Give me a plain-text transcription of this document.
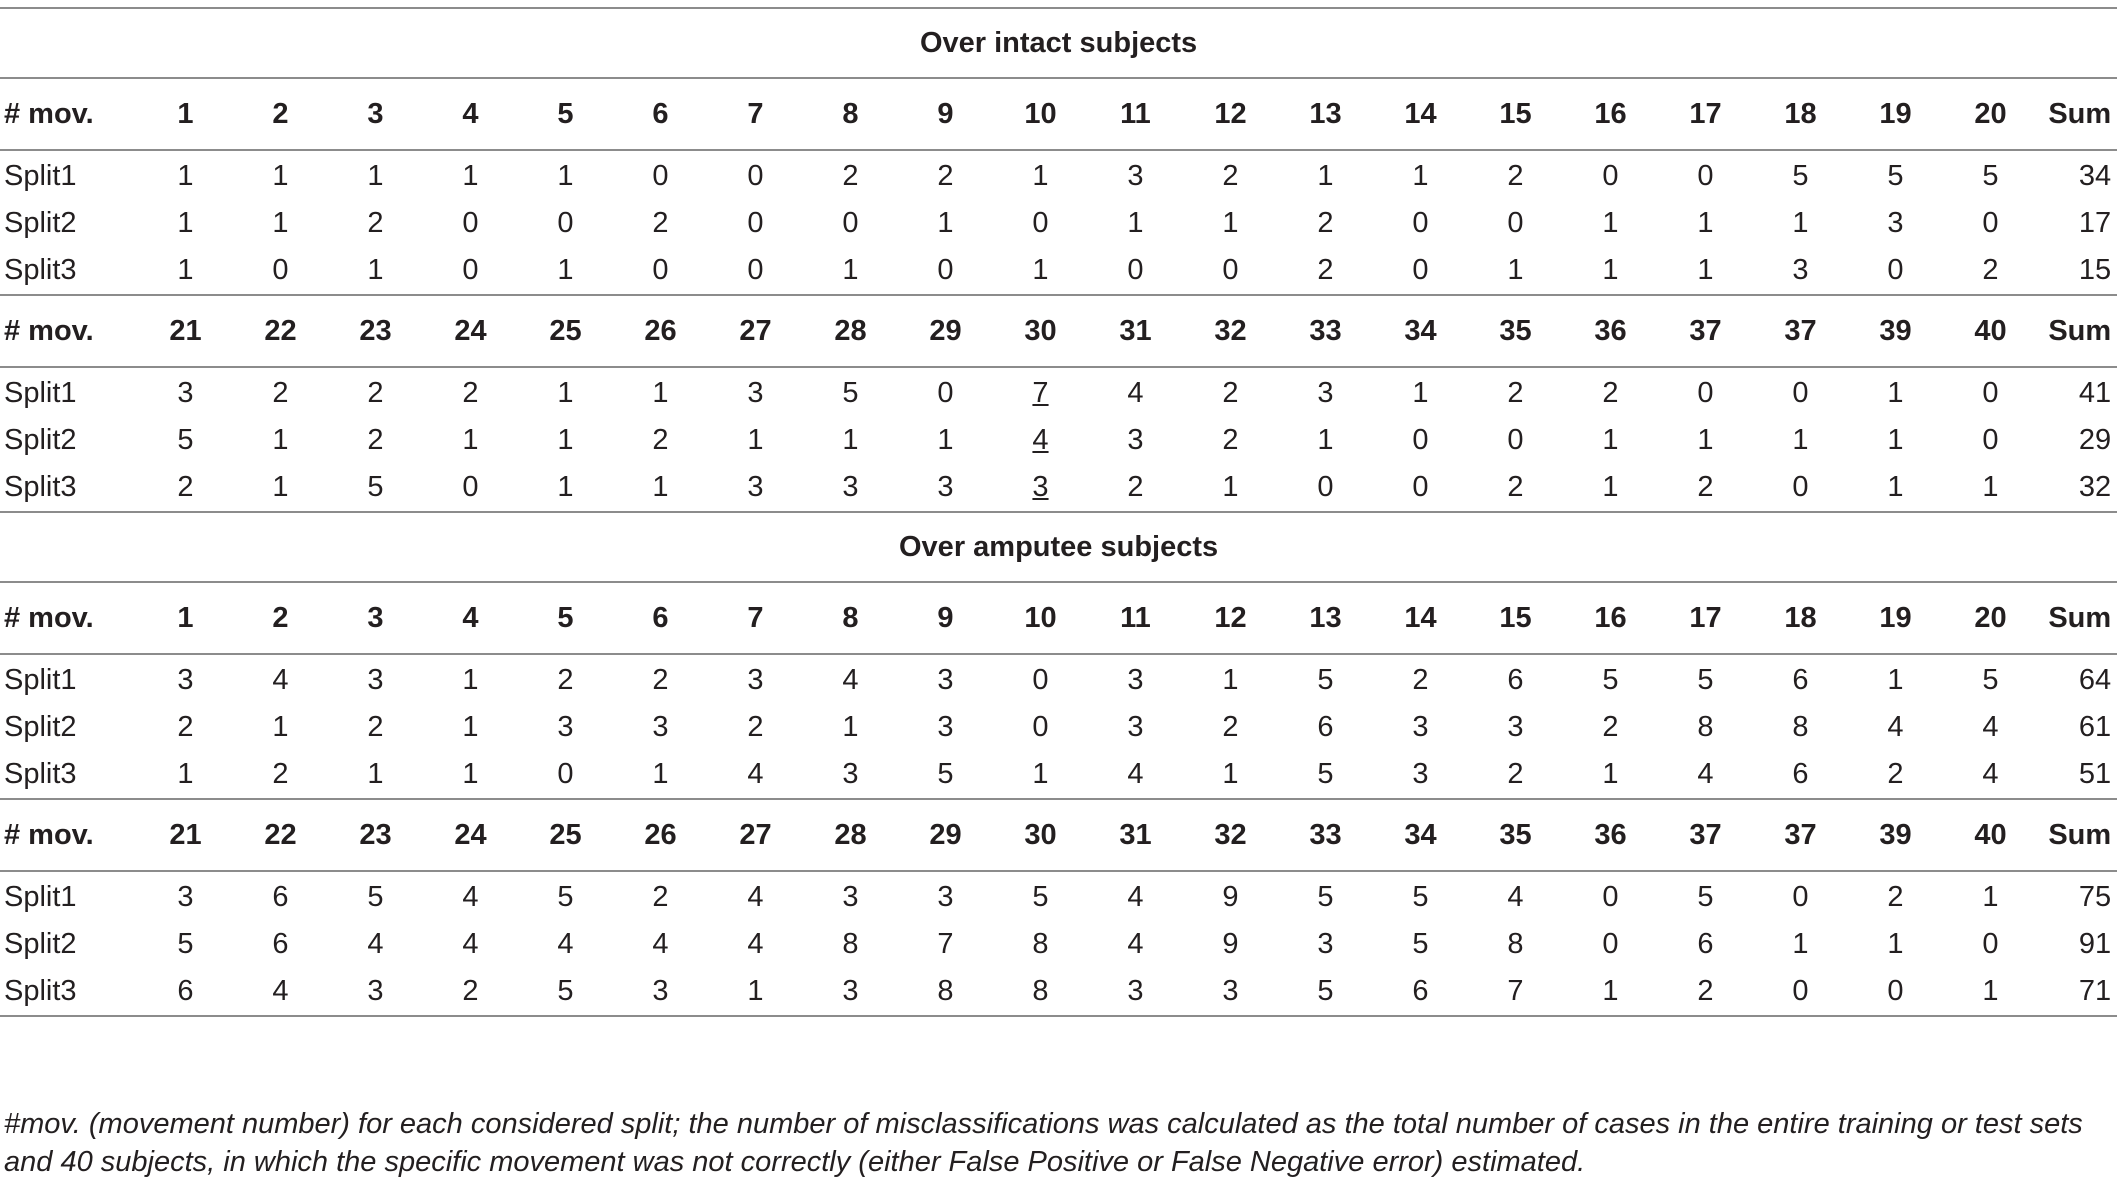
Over intact subjects																					
# mov.	1	2	3	4	5	6	7	8	9	10	11	12	13	14	15	16	17	18	19	20	Sum
Split1	1	1	1	1	1	0	0	2	2	1	3	2	1	1	2	0	0	5	5	5	34
Split2	1	1	2	0	0	2	0	0	1	0	1	1	2	0	0	1	1	1	3	0	17
Split3	1	0	1	0	1	0	0	1	0	1	0	0	2	0	1	1	1	3	0	2	15
# mov.	21	22	23	24	25	26	27	28	29	30	31	32	33	34	35	36	37	37	39	40	Sum
Split1	3	2	2	2	1	1	3	5	0	7	4	2	3	1	2	2	0	0	1	0	41
Split2	5	1	2	1	1	2	1	1	1	4	3	2	1	0	0	1	1	1	1	0	29
Split3	2	1	5	0	1	1	3	3	3	3	2	1	0	0	2	1	2	0	1	1	32
Over amputee subjects																					
# mov.	1	2	3	4	5	6	7	8	9	10	11	12	13	14	15	16	17	18	19	20	Sum
Split1	3	4	3	1	2	2	3	4	3	0	3	1	5	2	6	5	5	6	1	5	64
Split2	2	1	2	1	3	3	2	1	3	0	3	2	6	3	3	2	8	8	4	4	61
Split3	1	2	1	1	0	1	4	3	5	1	4	1	5	3	2	1	4	6	2	4	51
# mov.	21	22	23	24	25	26	27	28	29	30	31	32	33	34	35	36	37	37	39	40	Sum
Split1	3	6	5	4	5	2	4	3	3	5	4	9	5	5	4	0	5	0	2	1	75
Split2	5	6	4	4	4	4	4	8	7	8	4	9	3	5	8	0	6	1	1	0	91
Split3	6	4	3	2	5	3	1	3	8	8	3	3	5	6	7	1	2	0	0	1	71
#mov. (movement number) for each considered split; the number of misclassifications was calculated as the total number of cases in the entire training or test sets and 40 subjects, in which the specific movement was not correctly (either False Positive or False Negative error) estimated.
